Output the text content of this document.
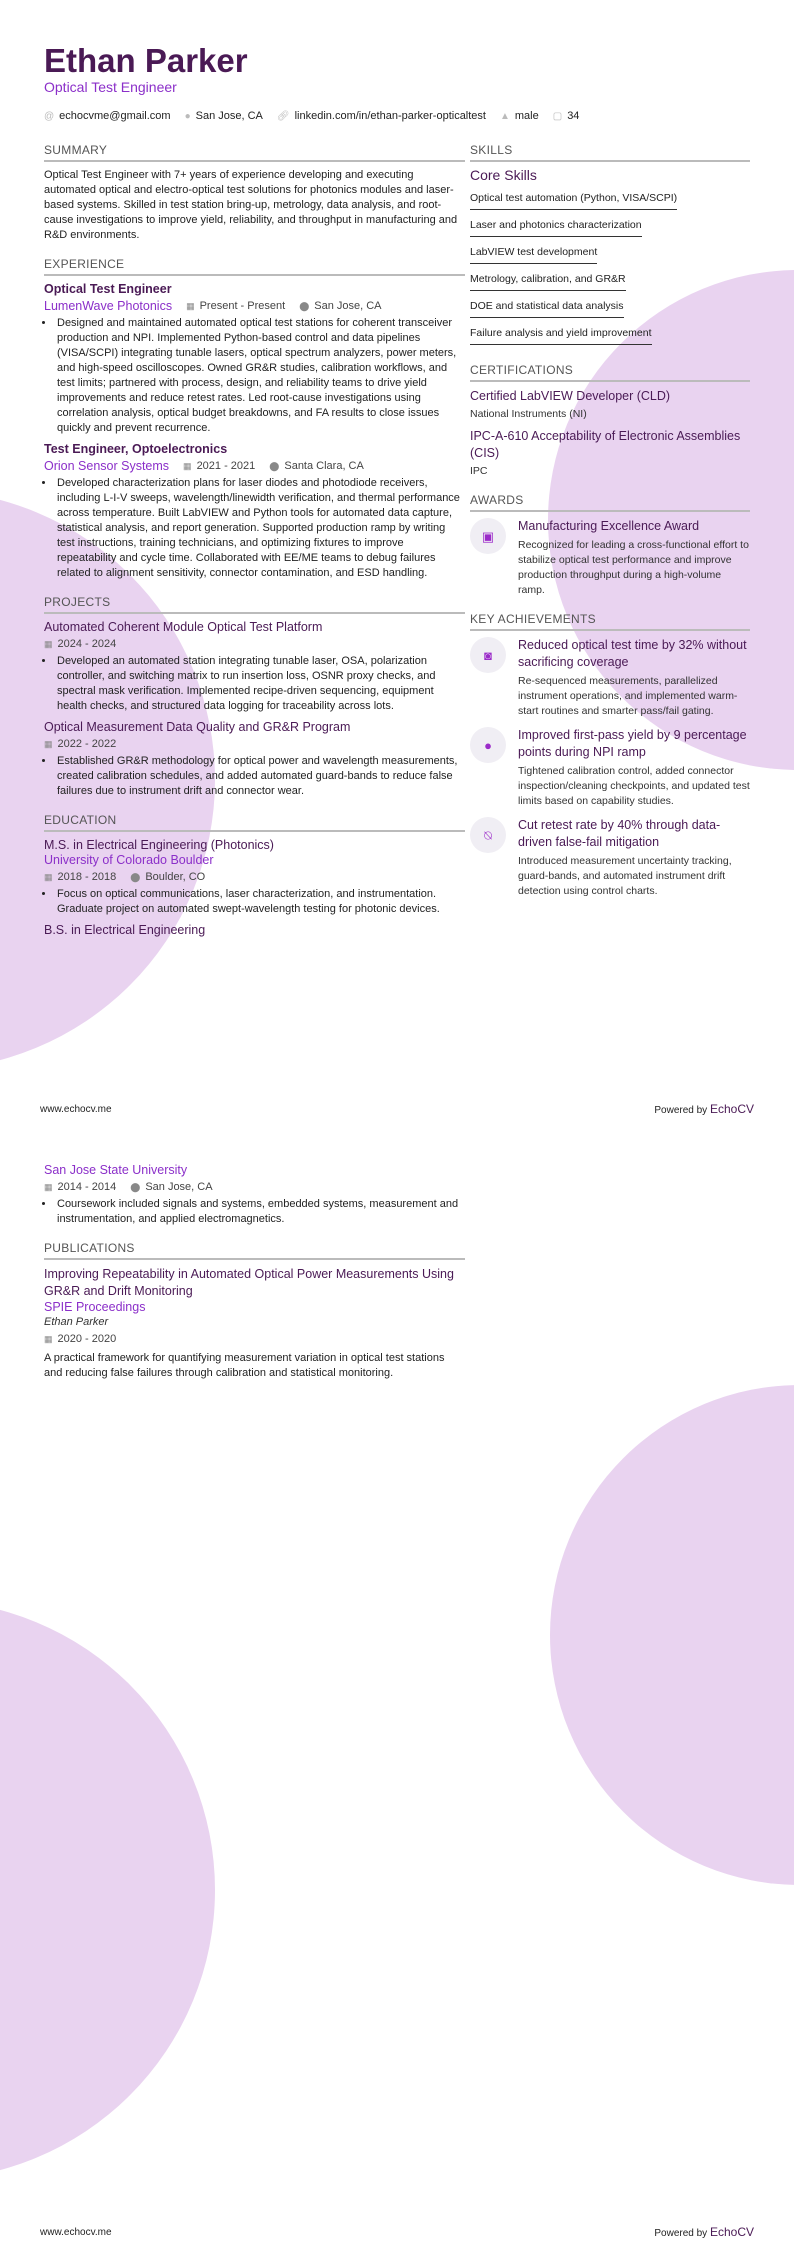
Ethan Parker
Optical Test Engineer
@ echocvme@gmail.com ● San Jose, CA 🔗︎ linkedin.com/in/ethan-parker-opticaltest ▲ male ▢ 34
SUMMARY
Optical Test Engineer with 7+ years of experience developing and executing automated optical and electro-optical test solutions for photonics modules and laser-based systems. Skilled in test station bring-up, metrology, data analysis, and root-cause investigations to improve yield, reliability, and throughput in manufacturing and R&D environments.
EXPERIENCE
Optical Test Engineer
LumenWave Photonics ▦ Present - Present ⬤ San Jose, CA
• Designed and maintained automated optical test stations for coherent transceiver production and NPI. Implemented Python-based control and data pipelines (VISA/SCPI) integrating tunable lasers, optical spectrum analyzers, power meters, and high-speed oscilloscopes. Owned GR&R studies, calibration workflows, and test limits; partnered with process, design, and reliability teams to drive yield improvements and reduce retest rates. Led root-cause investigations using correlation analysis, optical budget breakdowns, and FA results to close issues quickly and prevent recurrence.
Test Engineer, Optoelectronics
Orion Sensor Systems ▦ 2021 - 2021 ⬤ Santa Clara, CA
• Developed characterization plans for laser diodes and photodiode receivers, including L-I-V sweeps, wavelength/linewidth verification, and thermal performance across temperature. Built LabVIEW and Python tools for automated data capture, statistical analysis, and report generation. Supported production ramp by writing test instructions, training technicians, and optimizing fixtures to improve repeatability and cycle time. Collaborated with EE/ME teams to debug failures related to alignment sensitivity, connector contamination, and ESD handling.
PROJECTS
Automated Coherent Module Optical Test Platform
▦ 2024 - 2024
• Developed an automated station integrating tunable laser, OSA, polarization controller, and switching matrix to run insertion loss, OSNR proxy checks, and spectral mask verification. Implemented recipe-driven sequencing, equipment health checks, and structured data logging for traceability across lots.
Optical Measurement Data Quality and GR&R Program
▦ 2022 - 2022
• Established GR&R methodology for optical power and wavelength measurements, created calibration schedules, and added automated guard-bands to reduce false failures due to instrument drift and connector wear.
EDUCATION
M.S. in Electrical Engineering (Photonics)
University of Colorado Boulder
▦ 2018 - 2018 ⬤ Boulder, CO
• Focus on optical communications, laser characterization, and instrumentation. Graduate project on automated swept-wavelength testing for photonic devices.
B.S. in Electrical Engineering
SKILLS
Core Skills
Optical test automation (Python, VISA/SCPI)
Laser and photonics characterization
LabVIEW test development
Metrology, calibration, and GR&R
DOE and statistical data analysis
Failure analysis and yield improvement
CERTIFICATIONS
Certified LabVIEW Developer (CLD)
National Instruments (NI)
IPC-A-610 Acceptability of Electronic Assemblies (CIS)
IPC
AWARDS
▣
Manufacturing Excellence Award
Recognized for leading a cross-functional effort to stabilize optical test performance and improve production throughput during a high-volume ramp.
KEY ACHIEVEMENTS
◙
Reduced optical test time by 32% without sacrificing coverage
Re-sequenced measurements, parallelized instrument operations, and implemented warm-start routines and smarter pass/fail gating.
●
Improved first-pass yield by 9 percentage points during NPI ramp
Tightened calibration control, added connector inspection/cleaning checkpoints, and updated test limits based on capability studies.
⍉
Cut retest rate by 40% through data-driven false-fail mitigation
Introduced measurement uncertainty tracking, guard-bands, and automated instrument drift detection using control charts.
www.echocv.me	Powered by EchoCV
San Jose State University
▦ 2014 - 2014 ⬤ San Jose, CA
• Coursework included signals and systems, embedded systems, measurement and instrumentation, and applied electromagnetics.
PUBLICATIONS
Improving Repeatability in Automated Optical Power Measurements Using GR&R and Drift Monitoring
SPIE Proceedings
Ethan Parker
▦ 2020 - 2020
A practical framework for quantifying measurement variation in optical test stations and reducing false failures through calibration and statistical monitoring.
www.echocv.me	Powered by EchoCV
